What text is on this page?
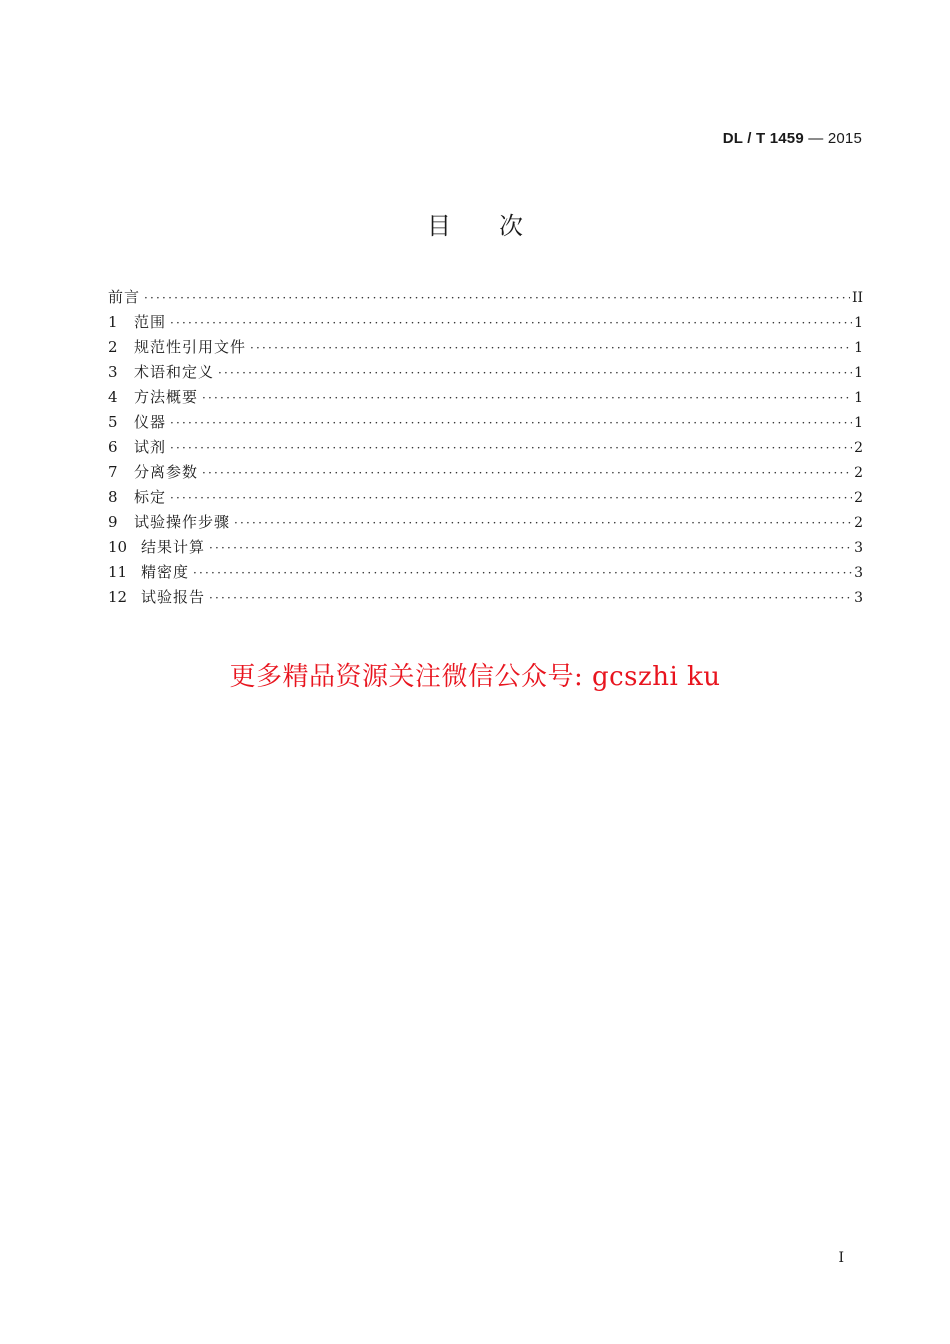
DL / T 1459 — 2015
目次
前言 ·····	II
1	范围 ·····	1
2	规范性引用文件 ·····	1
3	术语和定义 ·····	1
4	方法概要 ·····	1
5	仪器 ·····	1
6	试剂 ·····	2
7	分离参数 ·····	2
8	标定 ·····	2
9	试验操作步骤 ·····	2
10 结果计算 ·····	3
11 精密度 ·····	3
12 试验报告 ·····	3
更多精品资源关注微信公众号: gcszhi ku
I
